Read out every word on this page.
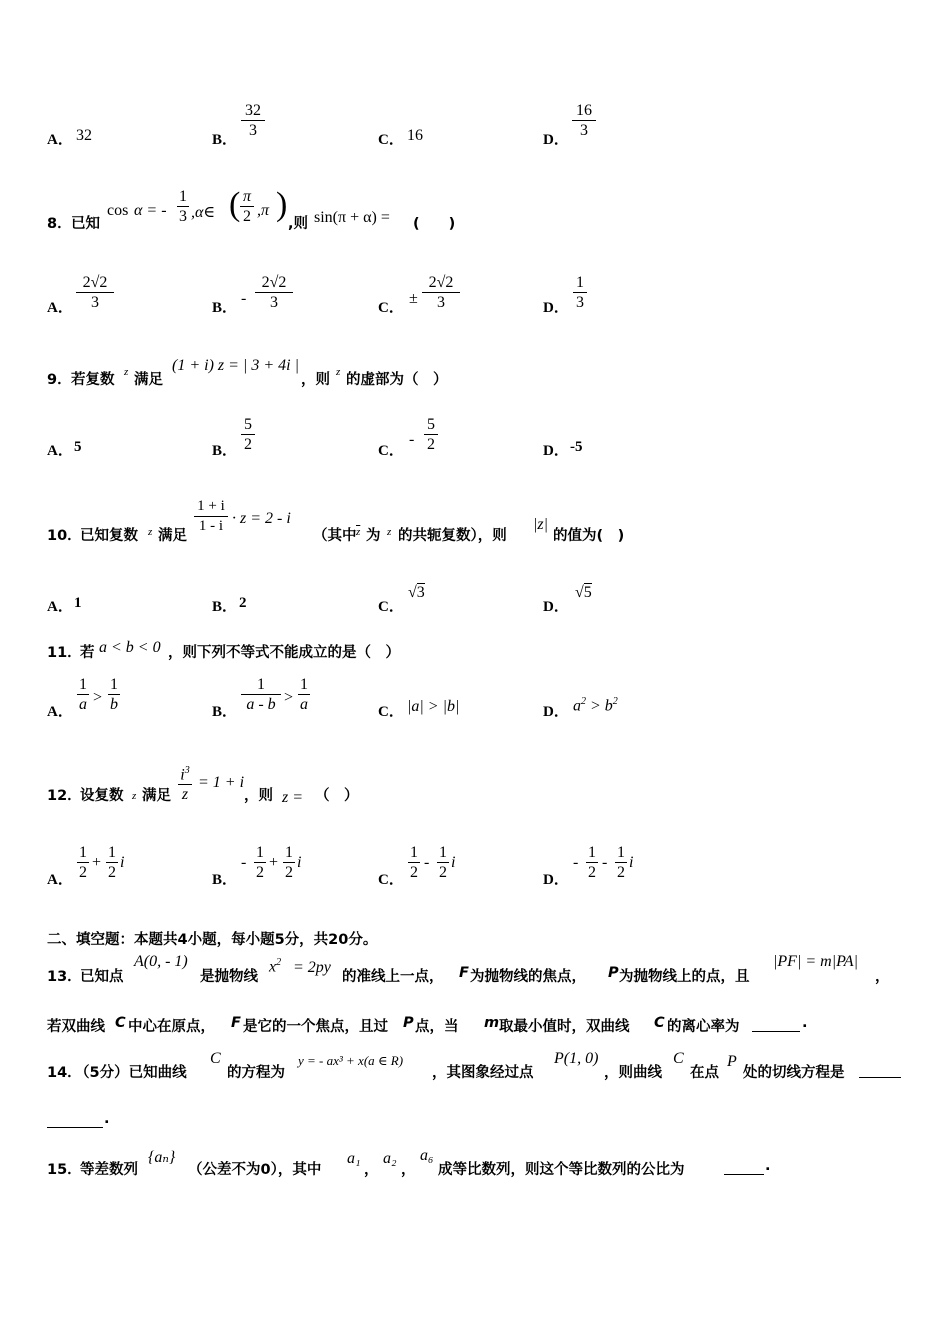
A． 32	B．
32
3
C． 16	D．
16
3
8． 已知
cos α = -
1
3 ,α∈ ( π
2 ,π )
,则 sin(π + α) = (　　)
A．
2√2
3	B．
-
2√2
3	C．
±
2√2
3	D．
1
3
9． 若复数 z 满足
(1 + i) z = | 3 + 4i |
，则 z 的虚部为（　）
A． 5	B．
5
2	C．
-
5
2	D． -5
10．
已知复数 z 满足
1 + i
1 - i · z = 2 - i
（其中 $\overline{z}$ 为 z 的共轭复数），则
|z|
的值为(　)
A． 1	B． 2	C．
√3
D．
√5
11．
若 a < b < 0 ，则下列不等式不能成立的是（　）
A．
1
a >
1
b	B．
1
a - b >
1
a	C． |a| > |b|	D． $a^2 > b^2$
12．
设复数 z 满足
$i^3$
z
= 1 + i
，则 z = （　）
A．
1
2
+
1
2
i
B．
-
1
2
+
1
2
i
C．
1
2
-
1
2
i
D．
-
1
2
-
1
2
i
二、填空题：本题共4小题，每小题5分，共20分。
13．
已知点
A(0, - 1)
是抛物线
$x^2 = 2py$
的准线上一点， F 为抛物线的焦点， P 为抛物线上的点，且
|PF| = m|PA|
，
若双曲线 C 中心在原点， F 是它的一个焦点，且过 P 点，当 m 取最小值时，双曲线 C 的离心率为	.
14．
（5分）已知曲线
C
的方程为
y = - ax³ + x(a ∈ R)
，其图象经过点
P(1, 0)
，则曲线
C
在点
P
处的切线方程是
.
15．
等差数列
{aₙ}
（公差不为0），其中
a₁
，
a₂
，
a₆
成等比数列，则这个等比数列的公比为	.
